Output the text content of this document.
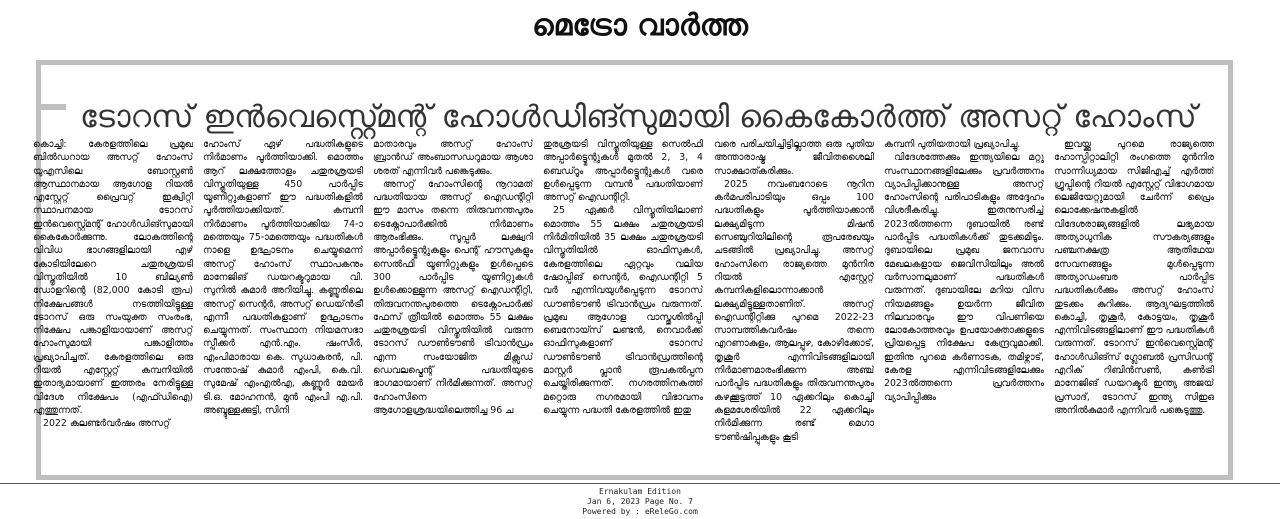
മെട്രോ വാർത്ത
ടോറസ് ഇൻവെസ്റ്റ്മെന്റ് ഹോൾഡിങ്സുമായി കൈകോർത്ത് അസറ്റ് ഹോംസ്

കൊച്ചി: കേരളത്തിലെ പ്രമുഖ ബിൽഡറായ അസറ്റ് ഹോംസ് യുഎസിലെ ബോസ്റ്റൺ ആസ്ഥാനമായ ആഗോള റിയൽ എസ്റ്റേറ്റ് പ്രൈവറ്റ് ഇക്വിറ്റി സ്ഥാപനമായ ടോറസ് ഇൻവെസ്റ്റ്മെന്റ് ഹോൾഡിങ്സുമായി കൈകോർക്കുന്നു. ലോകത്തിന്റെ വിവിധ ഭാഗങ്ങളിലായി എഴ് കോടിയിലേറെ ചതുരശ്രയടി വിസ്തൃതിയിൽ 10 ബില്യൺ ഡോളറിന്റെ (82,000 കോടി രൂപ) നിക്ഷേപങ്ങൾ നടത്തിയിട്ടുള്ള ടോറസ് ഒരു സംയുക്ത സംരംഭ, നിക്ഷേപ പങ്കാളിയായാണ് അസറ്റ് ഹോംസുമായി പങ്കാളിത്തം പ്രഖ്യാപിച്ചത്. കേരളത്തിലെ ഒരു റിയൽ എസ്റ്റേറ്റ് കമ്പനിയിൽ ഇതാദ്യമായാണ് ഇത്തരം നേരിട്ടുള്ള വിദേശ നിക്ഷേപം (എഫ്ഡിഐ) എത്തുന്നത്.

2022 കലണ്ടർവർഷം അസറ്റ്

ഹോംസ് ഏഴ് പദ്ധതികളുടെ നിർമാണം പൂർത്തിയാക്കി. മൊത്തം ആറ് ലക്ഷത്തോളം ചതുരശ്രയടി വിസ്തൃതിയുള്ള 450 പാർപ്പിട യൂണിറ്റുകളാണ് ഈ പദ്ധതികളിൽ പൂർത്തിയാക്കിയത്. കമ്പനി നിർമാണം പൂർത്തിയാക്കിയ 74-ാമത്തെയും 75-ാമത്തെയും പദ്ധതികൾ നാളെ ഉദ്ഘാടനം ചെയ്യുമെന്ന് അസറ്റ് ഹോംസ് സ്ഥാപകനും മാനേജിങ് ഡയറക്ടറുമായ വി. സുനിൽ കുമാർ അറിയിച്ചു. കണ്ണൂരിലെ അസറ്റ് സെന്റർ, അസറ്റ് ഡെയ്ൻട്രീ എന്നീ പദ്ധതികളാണ് ഉദ്ഘാടനം ചെയ്യുന്നത്. സംസ്ഥാന നിയമസഭാ സ്പീക്കർ എൻ.എം. ഷംസീർ, എംപിമാരായ കെ. സുധാകരൻ, പി. സന്തോഷ് കുമാർ എംപി, കെ.വി. സുമേഷ് എംഎൽഎ, കണ്ണൂർ മേയർ ടി.ഒ. മോഹനൻ, മുൻ എംപി എ.പി. അബ്ദുള്ളക്കുട്ടി, സിനി

മാതാരവും അസറ്റ് ഹോംസ് ബ്രാൻഡ് അംബാസഡറുമായ ആശാ ശരത് എന്നിവർ പങ്കെടുക്കും.

അസറ്റ് ഹോംസിന്റെ നൂറാമത് പദ്ധതിയായ അസറ്റ് ഐഡന്റിറ്റി ഈ മാസം തന്നെ തിരുവനന്തപുരം ടെക്നോപാർക്കിൽ നിർമാണം ആരംഭിക്കും. സൂപ്പർ ലക്ഷ്വറി അപ്പാർട്ട്മെന്റുകളും പെന്റ് ഹൗസുകളും സെൽഫി യൂണിറ്റുകളും ഉൾപ്പെടെ 300 പാർപ്പിട യൂണിറ്റുകൾ ഉൾക്കൊള്ളുന്ന അസറ്റ് ഐഡന്റിറ്റി, തിരുവനന്തപുരത്തെ ടെക്നോപാർക്ക് ഫേസ് ത്രീയിൽ മൊത്തം 55 ലക്ഷം ചതുരശ്രയടി വിസ്തൃതിയിൽ വരുന്ന ടോറസ് ഡൗൺടൗൺ ട്രിവാൻഡ്രം എന്ന സംയോജിത മിക്സഡ് ഡെവലപ്മെന്റ് പദ്ധതിയുടെ ഭാഗമായാണ് നിർമിക്കുന്നത്. അസറ്റ് ഹോംസിനെ ആഗോളശ്രദ്ധയിലെത്തിച്ച 96 ച

തുരശ്രയടി വിസ്തൃതിയുള്ള സെൽഫി അപ്പാർട്ട്മെന്റുകൾ മുതൽ 2, 3, 4 ബെഡ്റൂം അപ്പാർട്ട്മെന്റുകൾ വരെ ഉൾപ്പെടുന്ന വമ്പൻ പദ്ധതിയാണ് അസറ്റ് ഐഡന്റിറ്റി.

25 ഏക്കർ വിസ്തൃതിയിലാണ് മൊത്തം 55 ലക്ഷം ചതുരശ്രയടി നിർമിതിയിൽ 35 ലക്ഷം ചതുരശ്രയടി വിസ്തൃതിയിൽ ഓഫിസുകൾ, കേരളത്തിലെ ഏറ്റവും വലിയ ഷോപ്പിങ് സെന്റർ, ഐഡന്റിറ്റി 5 വർ എന്നിവയുൾപ്പെടുന്ന ടോറസ് ഡൗൺടൗൺ ട്രിവാൻഡ്രം വരുന്നത്. പ്രമുഖ ആഗോള വാസ്തുശിൽപ്പി ബെനോയ്സ് ലണ്ടൻ, നെവാർക്ക് ഓഫിസുകളാണ് ടോറസ് ഡൗൺടൗൺ ട്രിവാൻഡ്രത്തിന്റെ മാസ്റ്റർ പ്ലാൻ രൂപകൽപ്പന ചെയ്തിരിക്കുന്നത്. നഗരത്തിനകത്ത് മറ്റൊരു നഗരമായി വിഭാവനം ചെയ്യുന്ന പദ്ധതി കേരളത്തിൽ ഇതു

വരെ പരിചയിച്ചിട്ടില്ലാത്ത ഒരു പുതിയ അന്താരാഷ്ട്ര ജീവിതശൈലി സാക്ഷാത്കരിക്കും.

2025 നവംബറോടെ നൂറിന കർമപരിപാടിയും ഒപ്പം 100 പദ്ധതികളും പൂർത്തിയാക്കാൻ ലക്ഷ്യമിടുന്ന മിഷൻ സെഞ്ചുറിയിലിന്റെ രൂപരേഖയും ചടങ്ങിൽ പ്രഖ്യാപിച്ചു. അസറ്റ് ഹോംസിനെ രാജ്യത്തെ മുൻനിര റിയൽ എസ്റ്റേറ്റ് കമ്പനികളിലൊന്നാക്കാൻ ലക്ഷ്യമിട്ടുള്ളതാണിത്. അസറ്റ് ഐഡന്റിറ്റിക്കു പുറമെ 2022-23 സാമ്പത്തികവർഷം തന്നെ എറണാകുളം, ആലപ്പുഴ, കോഴിക്കോട്, തൃശൂർ എന്നിവിടങ്ങളിലായി നിർമാണമാരംഭിക്കുന്ന അഞ്ച് പാർപ്പിട പദ്ധതികളും തിരുവനന്തപുരം കഴക്കൂട്ടത്ത് 10 ഏക്കറിലും കൊച്ചി കളമശേരിയിൽ 22 ഏക്കറിലും നിർമിക്കുന്ന രണ്ട് മെഗാ ടൗൺഷിപ്പുകളും കൂടി

കമ്പനി പുതിയതായി പ്രഖ്യാപിച്ചു.

വിദേശത്തേക്കും ഇന്ത്യയിലെ മറ്റു സംസ്ഥാനങ്ങളിലേക്കും പ്രവർത്തനം വ്യാപിപ്പിക്കാനുള്ള അസറ്റ് ഹോംസിന്റെ പരിപാടികളും അദ്ദേഹം വിശദീകരിച്ചു. ഇതനുസരിച്ച് 2023ൽത്തന്നെ ദുബായിൽ രണ്ട് പാർപ്പിട പദ്ധതികൾക്ക് തുടക്കമിടും. ദുബായിലെ പ്രമുഖ ജനവാസ മേഖലകളായ ജെവിസിയിലും അൽ വർസാനലുമാണ് പദ്ധതികൾ വരുന്നത്. ദുബായിലേ മറിയ വിസ നിയമങ്ങളും ഉയർന്ന ജീവിത നിലവാരവും ഈ വിപണിയെ ലോകോത്തരവും ഉപയോക്താക്കളുടെ പ്രിയപ്പെട്ട നിക്ഷേപ കേന്ദ്രവുമാക്കി. ഇതിനു പുറമെ കർണാടക, തമിഴ്നാട്, കേരള എന്നിവിടങ്ങളിലേക്കും 2023ൽത്തന്നെ പ്രവർത്തനം വ്യാപിപ്പിക്കും

ഇവയ്ക്കു പുറമെ രാജ്യത്തെ ഹോസ്പിറ്റാലിറ്റി രംഗത്തെ മുൻനിര സാന്നിധ്യമായ സിജിഎച്ച് എർത്ത് ഗ്രൂപ്പിന്റെ റിയൽ എസ്റ്റേറ്റ് വിഭാഗമായ ലെജിയേറ്റുമായി ചേർന്ന് പ്രൈം ലൊക്കേഷനുകളിൽ വിദേശരാജ്യങ്ങളിൽ ലഭ്യമായ അത്യാധുനിക സൗകര്യങ്ങളും പഞ്ചനക്ഷത്ര ആതിഥേയ സേവനങ്ങളും മുൾപ്പെടുന്ന അത്യാഡംബര പാർപ്പിട പദ്ധതികൾക്കും അസറ്റ് ഹോംസ് തുടക്കം കുറിക്കും. ആദ്യഘട്ടത്തിൽ കൊച്ചി, തൃശൂർ, കോട്ടയം, തൃശൂർ എന്നിവിടങ്ങളിലാണ് ഈ പദ്ധതികൾ വരുന്നത്. ടോറസ് ഇൻവെസ്റ്റ്മെന്റ് ഹോൾഡിങ്സ് ഗ്ലോബൽ പ്രസിഡന്റ് എറിക് റിബിൻസൺ, കൺട്രി മാനേജിങ് ഡയറക്ടർ ഇന്ത്യ അജയ് പ്രസാദ്, ടോറസ് ഇന്ത്യ സിഇഒ അനിൽകുമാർ എന്നിവർ പങ്കെടുത്തു.

Ernakulam Edition
Jan 6, 2023 Page No. 7
Powered by : eReleGo.com
